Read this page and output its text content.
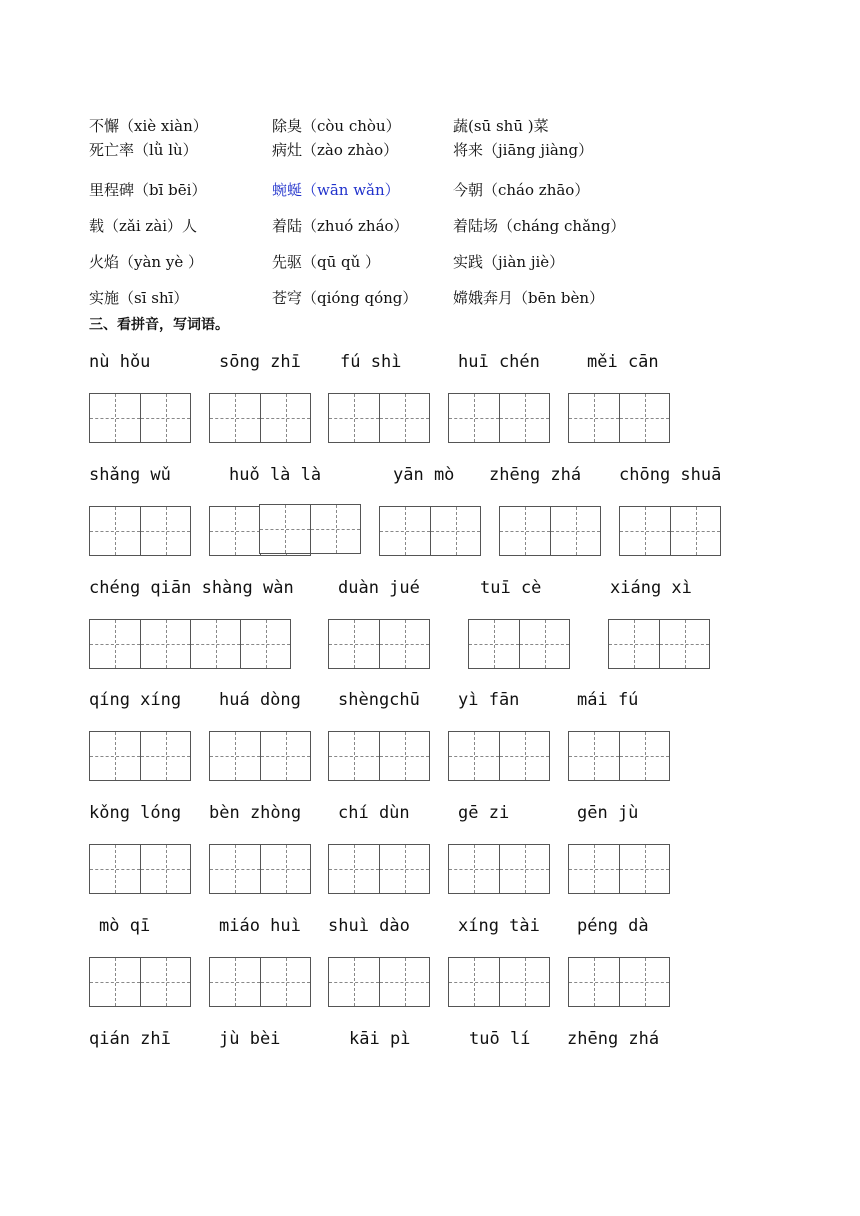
不懈（xiè xiàn）	除臭（còu chòu）	蔬(sū shū )菜
死亡率（lǜ lù）	病灶（zào zhào）	将来（jiāng jiàng）
里程碑（bī bēi）	蜿蜒（wān wǎn）	今朝（cháo zhāo）
载（zǎi zài）人	着陆（zhuó zháo）	着陆场（cháng chǎng）
火焰（yàn yè ）	先驱（qū qǔ ）	实践（jiàn jiè）
实施（sī shī）	苍穹（qióng qóng） 嫦娥奔月（bēn bèn）
三、看拼音，写词语。
nù hǒu	sōng zhī fú shì	huī chén	měi cān
shǎng wǔ	huǒ là là	yān mò zhēng zhá chōng shuā
chéng qiān shàng wàn	duàn jué	tuī cè	xiáng xì
qíng xíng huá dòng shèngchū yì fān	mái fú
kǒng lóng bèn zhòng chí dùn	gē zi	gēn jù
mò qī	miáo huì shuì dào	xíng tài péng dà
qián zhī	jù bèi	kāi pì	tuō lí zhēng zhá
